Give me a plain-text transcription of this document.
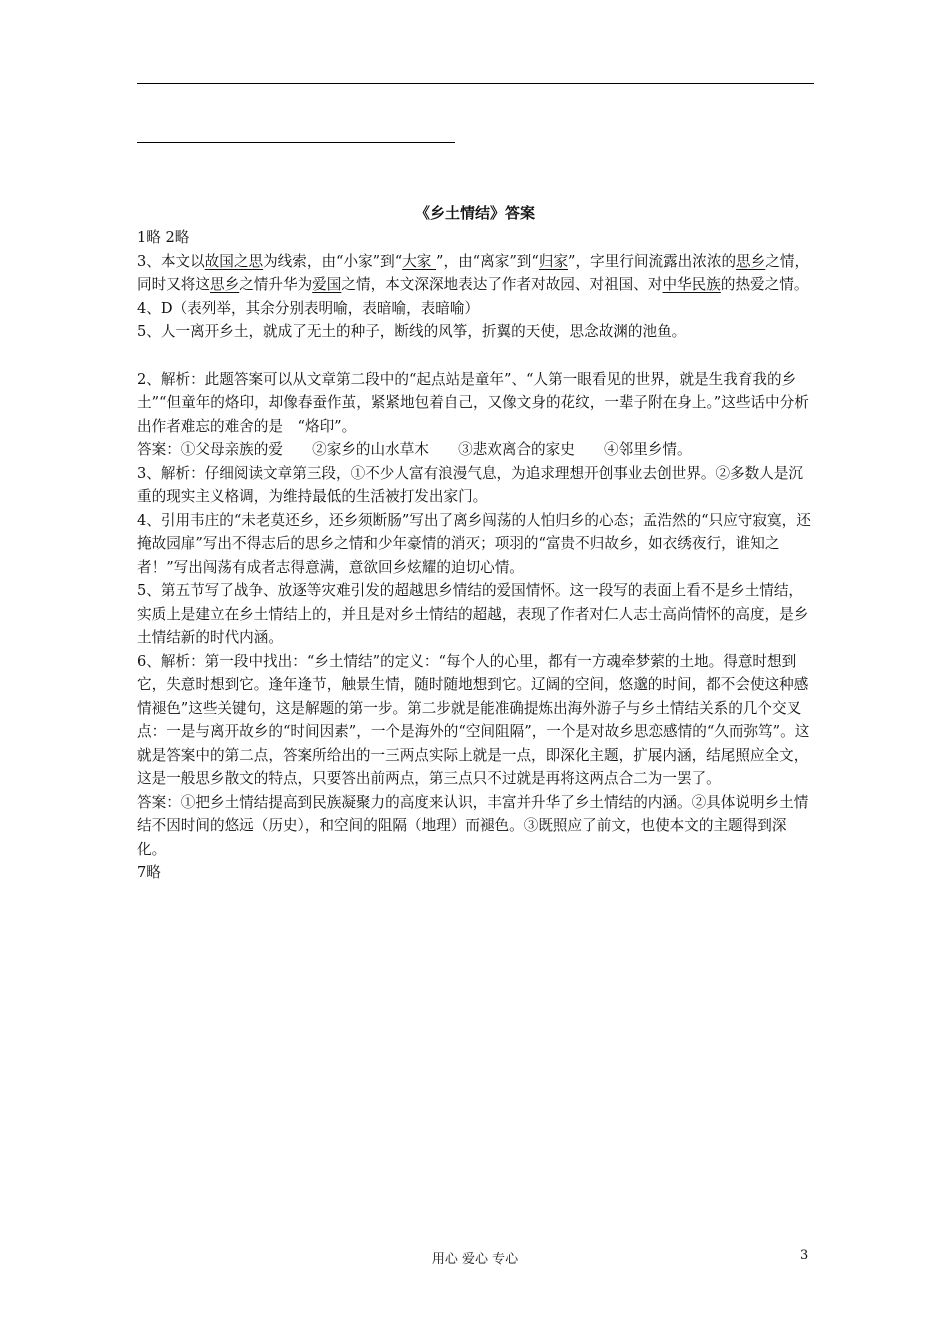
《乡土情结》答案

1略 2略

3、本文以故国之思为线索，由“小家”到“大家 ”，由“离家”到“归家”，字里行间流露出浓浓的思乡之情，同时又将这思乡之情升华为爱国之情，本文深深地表达了作者对故园、对祖国、对中华民族的热爱之情。

4、D（表列举，其余分别表明喻，表暗喻，表暗喻）

5、人一离开乡土，就成了无土的种子，断线的风筝，折翼的天使，思念故渊的池鱼。

2、解析：此题答案可以从文章第二段中的“起点站是童年”、“人第一眼看见的世界，就是生我育我的乡土”“但童年的烙印，却像春蚕作茧，紧紧地包着自己，又像文身的花纹，一辈子附在身上。”这些话中分析出作者难忘的难舍的是　“烙印”。

答案：①父母亲族的爱　　②家乡的山水草木　　③悲欢离合的家史　　④邻里乡情。

3、解析：仔细阅读文章第三段，①不少人富有浪漫气息，为追求理想开创事业去创世界。②多数人是沉重的现实主义格调，为维持最低的生活被打发出家门。

4、引用韦庄的“未老莫还乡，还乡须断肠”写出了离乡闯荡的人怕归乡的心态；孟浩然的“只应守寂寞，还掩故园扉”写出不得志后的思乡之情和少年豪情的消灭；项羽的“富贵不归故乡，如衣绣夜行，谁知之者！”写出闯荡有成者志得意满，意欲回乡炫耀的迫切心情。

5、第五节写了战争、放逐等灾难引发的超越思乡情结的爱国情怀。这一段写的表面上看不是乡土情结，实质上是建立在乡土情结上的，并且是对乡土情结的超越，表现了作者对仁人志士高尚情怀的高度，是乡土情结新的时代内涵。

6、解析：第一段中找出：“乡土情结”的定义：“每个人的心里，都有一方魂牵梦萦的土地。得意时想到它，失意时想到它。逢年逢节，触景生情，随时随地想到它。辽阔的空间，悠邈的时间，都不会使这种感情褪色”这些关键句，这是解题的第一步。第二步就是能准确提炼出海外游子与乡土情结关系的几个交叉点：一是与离开故乡的“时间因素”，一个是海外的“空间阻隔”，一个是对故乡思恋感情的“久而弥笃”。这就是答案中的第二点，答案所给出的一三两点实际上就是一点，即深化主题，扩展内涵，结尾照应全文，这是一般思乡散文的特点，只要答出前两点，第三点只不过就是再将这两点合二为一罢了。

答案：①把乡土情结提高到民族凝聚力的高度来认识，丰富并升华了乡土情结的内涵。②具体说明乡土情结不因时间的悠远（历史），和空间的阻隔（地理）而褪色。③既照应了前文，也使本文的主题得到深化。

7略

用心 爱心 专心	3
